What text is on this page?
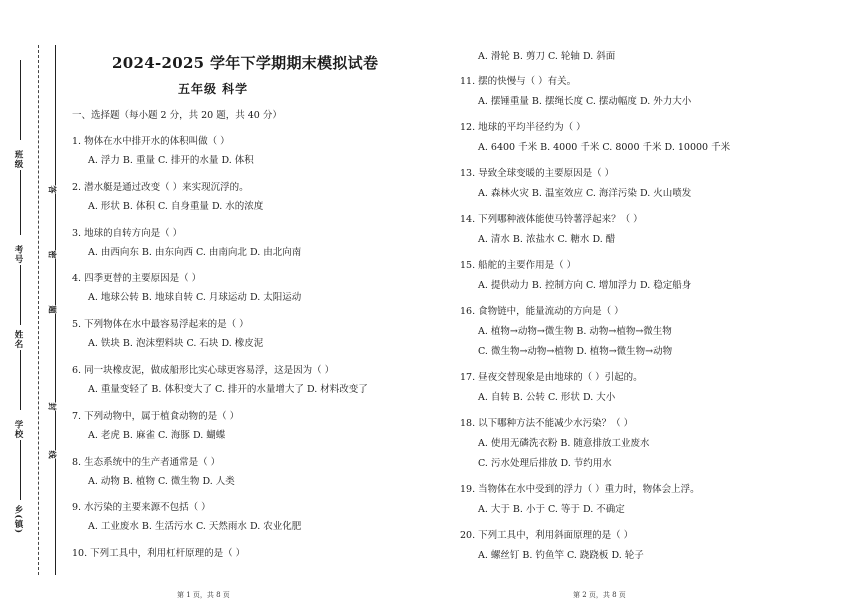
班级
考号
姓名
学校
乡(镇)
答
密
题
封
线
2024-2025 学年下学期期末模拟试卷
五年级 科学
一、选择题（每小题 2 分，共 20 题，共 40 分）
1. 物体在水中排开水的体积叫做（ ）
A. 浮力 B. 重量 C. 排开的水量 D. 体积
2. 潜水艇是通过改变（ ）来实现沉浮的。
A. 形状 B. 体积 C. 自身重量 D. 水的浓度
3. 地球的自转方向是（ ）
A. 由西向东 B. 由东向西 C. 由南向北 D. 由北向南
4. 四季更替的主要原因是（ ）
A. 地球公转 B. 地球自转 C. 月球运动 D. 太阳运动
5. 下列物体在水中最容易浮起来的是（ ）
A. 铁块 B. 泡沫塑料块 C. 石块 D. 橡皮泥
6. 同一块橡皮泥，做成船形比实心球更容易浮，这是因为（ ）
A. 重量变轻了 B. 体积变大了 C. 排开的水量增大了 D. 材料改变了
7. 下列动物中，属于植食动物的是（ ）
A. 老虎 B. 麻雀 C. 海豚 D. 蝴蝶
8. 生态系统中的生产者通常是（ ）
A. 动物 B. 植物 C. 微生物 D. 人类
9. 水污染的主要来源不包括（ ）
A. 工业废水 B. 生活污水 C. 天然雨水 D. 农业化肥
10. 下列工具中，利用杠杆原理的是（ ）
A. 滑轮 B. 剪刀 C. 轮轴 D. 斜面
11. 摆的快慢与（ ）有关。
A. 摆锤重量 B. 摆绳长度 C. 摆动幅度 D. 外力大小
12. 地球的平均半径约为（ ）
A. 6400 千米 B. 4000 千米 C. 8000 千米 D. 10000 千米
13. 导致全球变暖的主要原因是（ ）
A. 森林火灾 B. 温室效应 C. 海洋污染 D. 火山喷发
14. 下列哪种液体能使马铃薯浮起来？（ ）
A. 清水 B. 浓盐水 C. 糖水 D. 醋
15. 船舵的主要作用是（ ）
A. 提供动力 B. 控制方向 C. 增加浮力 D. 稳定船身
16. 食物链中，能量流动的方向是（ ）
A. 植物→动物→微生物 B. 动物→植物→微生物
C. 微生物→动物→植物 D. 植物→微生物→动物
17. 昼夜交替现象是由地球的（ ）引起的。
A. 自转 B. 公转 C. 形状 D. 大小
18. 以下哪种方法不能减少水污染？（ ）
A. 使用无磷洗衣粉 B. 随意排放工业废水
C. 污水处理后排放 D. 节约用水
19. 当物体在水中受到的浮力（ ）重力时，物体会上浮。
A. 大于 B. 小于 C. 等于 D. 不确定
20. 下列工具中，利用斜面原理的是（ ）
A. 螺丝钉 B. 钓鱼竿 C. 跷跷板 D. 轮子
第 1 页，共 8 页	第 2 页，共 8 页
